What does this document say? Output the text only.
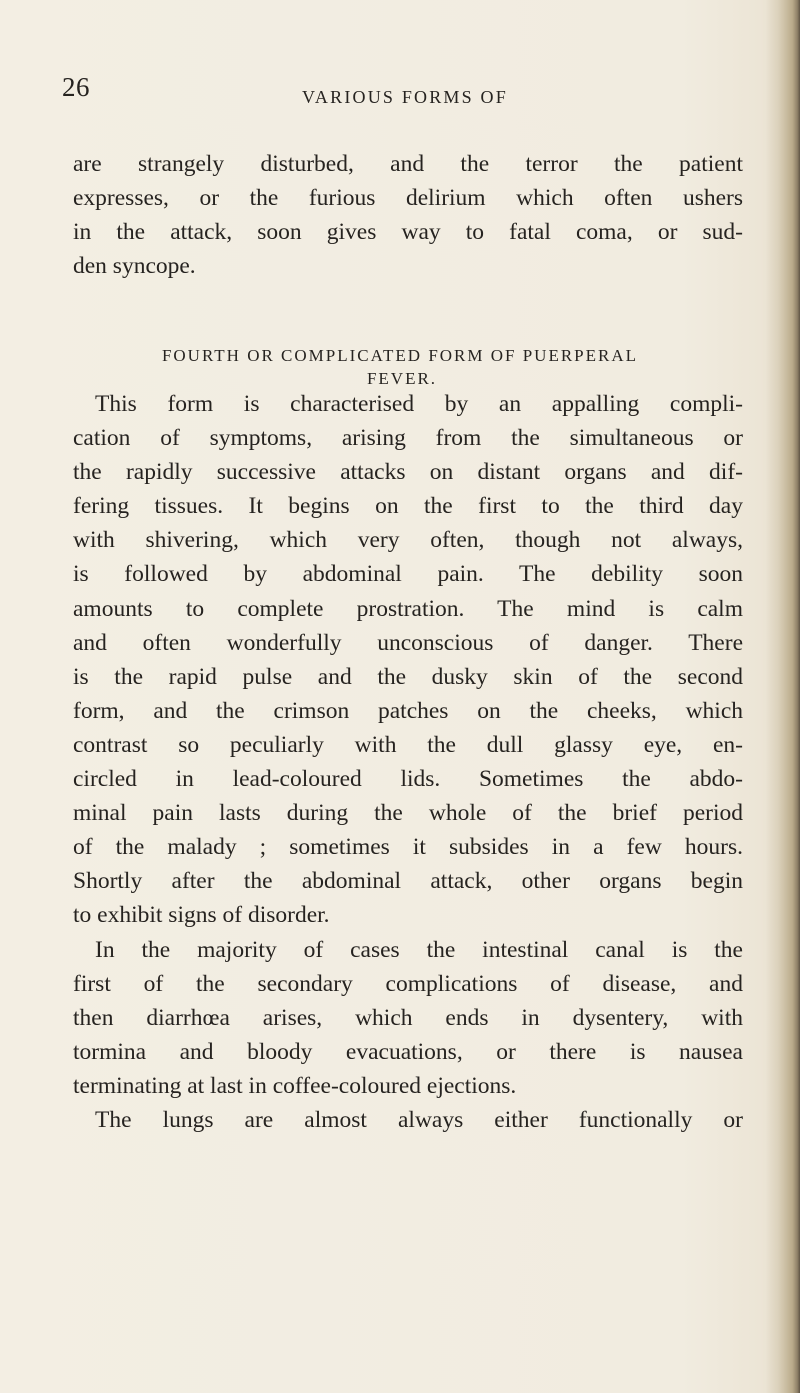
26	VARIOUS FORMS OF
are strangely disturbed, and the terror the patient
expresses, or the furious delirium which often ushers
in the attack, soon gives way to fatal coma, or sud-
den syncope.
FOURTH OR COMPLICATED FORM OF PUERPERAL
FEVER.
This form is characterised by an appalling compli-
cation of symptoms, arising from the simultaneous or
the rapidly successive attacks on distant organs and dif-
fering tissues. It begins on the first to the third day
with shivering, which very often, though not always,
is followed by abdominal pain. The debility soon
amounts to complete prostration. The mind is calm
and often wonderfully unconscious of danger. There
is the rapid pulse and the dusky skin of the second
form, and the crimson patches on the cheeks, which
contrast so peculiarly with the dull glassy eye, en-
circled in lead-coloured lids. Sometimes the abdo-
minal pain lasts during the whole of the brief period
of the malady ; sometimes it subsides in a few hours.
Shortly after the abdominal attack, other organs begin
to exhibit signs of disorder.
In the majority of cases the intestinal canal is the
first of the secondary complications of disease, and
then diarrhœa arises, which ends in dysentery, with
tormina and bloody evacuations, or there is nausea
terminating at last in coffee-coloured ejections.
The lungs are almost always either functionally or
